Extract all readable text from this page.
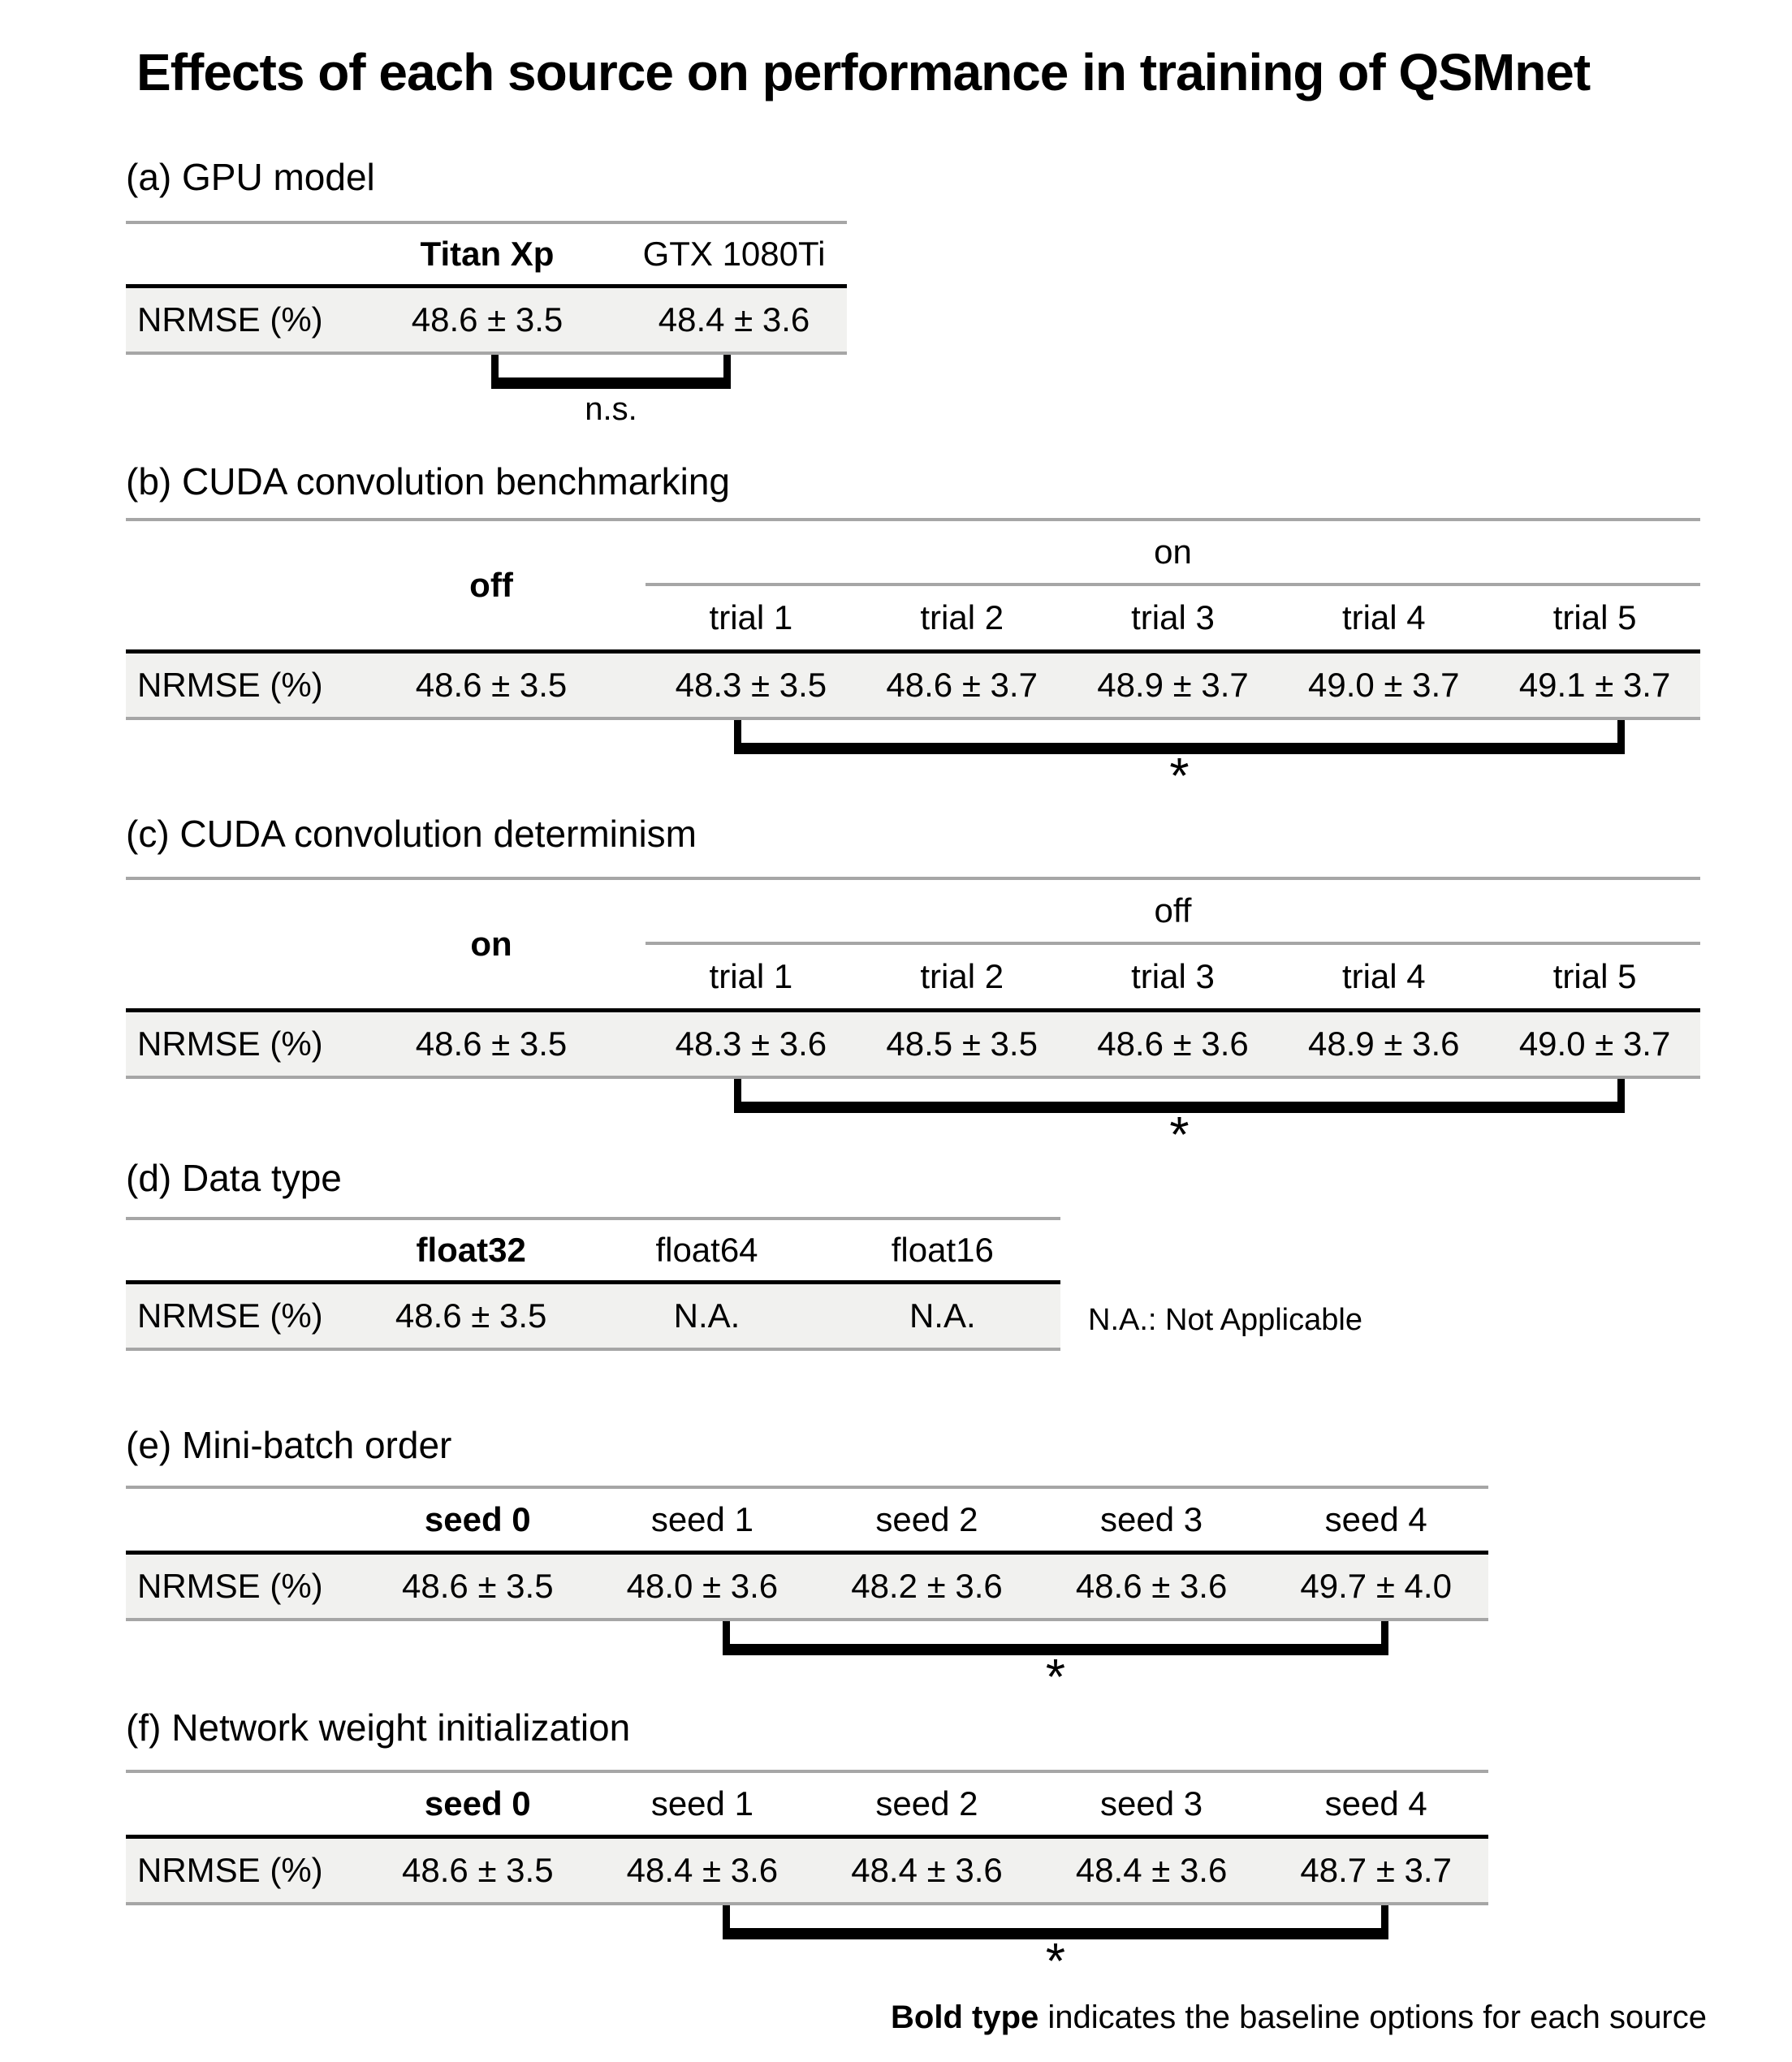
Effects of each source on performance in training of QSMnet
(a) GPU model
Titan Xp	GTX 1080Ti
NRMSE (%)	48.6 ± 3.5	48.4 ± 3.6
n.s.
(b) CUDA convolution benchmarking
off
on
trial 1	trial 2	trial 3	trial 4	trial 5
NRMSE (%)	48.6 ± 3.5	48.3 ± 3.5	48.6 ± 3.7	48.9 ± 3.7	49.0 ± 3.7	49.1 ± 3.7
*
(c) CUDA convolution determinism
on
off
trial 1	trial 2	trial 3	trial 4	trial 5
NRMSE (%)	48.6 ± 3.5	48.3 ± 3.6	48.5 ± 3.5	48.6 ± 3.6	48.9 ± 3.6	49.0 ± 3.7
*
(d) Data type
float32	float64	float16
NRMSE (%)	48.6 ± 3.5	N.A.	N.A.	N.A.: Not Applicable
(e) Mini-batch order
seed 0	seed 1	seed 2	seed 3	seed 4
NRMSE (%)	48.6 ± 3.5	48.0 ± 3.6	48.2 ± 3.6	48.6 ± 3.6	49.7 ± 4.0
*
(f) Network weight initialization
seed 0	seed 1	seed 2	seed 3	seed 4
NRMSE (%)	48.6 ± 3.5	48.4 ± 3.6	48.4 ± 3.6	48.4 ± 3.6	48.7 ± 3.7
*
Bold type indicates the baseline options for each source
